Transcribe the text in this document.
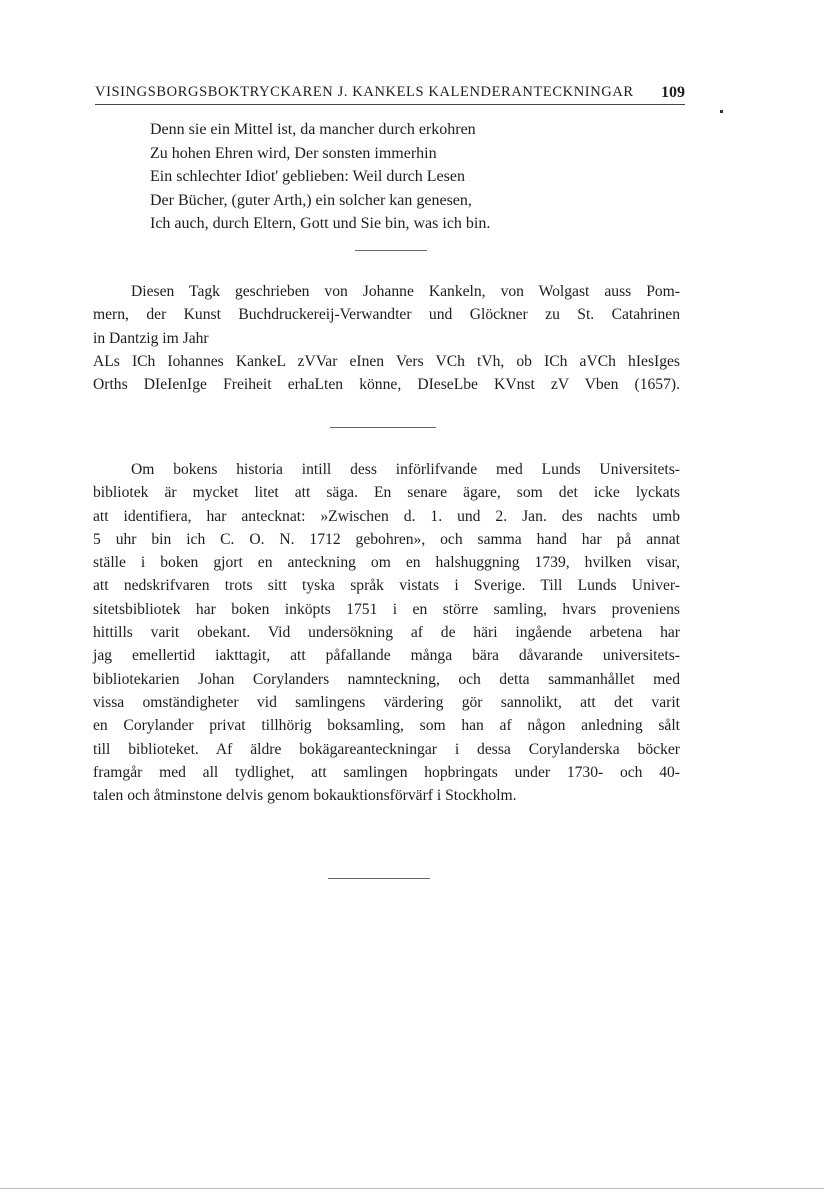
VISINGSBORGSBOKTRYCKAREN J. KANKELS KALENDERANTECKNINGAR 109
Denn sie ein Mittel ist, da mancher durch erkohren
Zu hohen Ehren wird, Der sonsten immerhin
Ein schlechter Idiot' geblieben: Weil durch Lesen
Der Bücher, (guter Arth,) ein solcher kan genesen,
Ich auch, durch Eltern, Gott und Sie bin, was ich bin.
Diesen Tagk geschrieben von Johanne Kankeln, von Wolgast auss Pom-
mern, der Kunst Buchdruckereij-Verwandter und Glöckner zu St. Catahrinen
in Dantzig im Jahr
ALs ICh Iohannes KankeL zVVar eInen Vers VCh tVh, ob ICh aVCh hIesIges
Orths DIeIenIge Freiheit erhaLten könne, DIeseLbe KVnst zV Vben (1657).
Om bokens historia intill dess införlifvande med Lunds Universitets-
bibliotek är mycket litet att säga. En senare ägare, som det icke lyckats
att identifiera, har antecknat: »Zwischen d. 1. und 2. Jan. des nachts umb
5 uhr bin ich C. O. N. 1712 gebohren», och samma hand har på annat
ställe i boken gjort en anteckning om en halshuggning 1739, hvilken visar,
att nedskrifvaren trots sitt tyska språk vistats i Sverige. Till Lunds Univer-
sitetsbibliotek har boken inköpts 1751 i en större samling, hvars proveniens
hittills varit obekant. Vid undersökning af de häri ingående arbetena har
jag emellertid iakttagit, att påfallande många bära dåvarande universitets-
bibliotekarien Johan Corylanders namnteckning, och detta sammanhållet med
vissa omständigheter vid samlingens värdering gör sannolikt, att det varit
en Corylander privat tillhörig boksamling, som han af någon anledning sålt
till biblioteket. Af äldre bokägareanteckningar i dessa Corylanderska böcker
framgår med all tydlighet, att samlingen hopbringats under 1730- och 40-
talen och åtminstone delvis genom bokauktionsförvärf i Stockholm.
